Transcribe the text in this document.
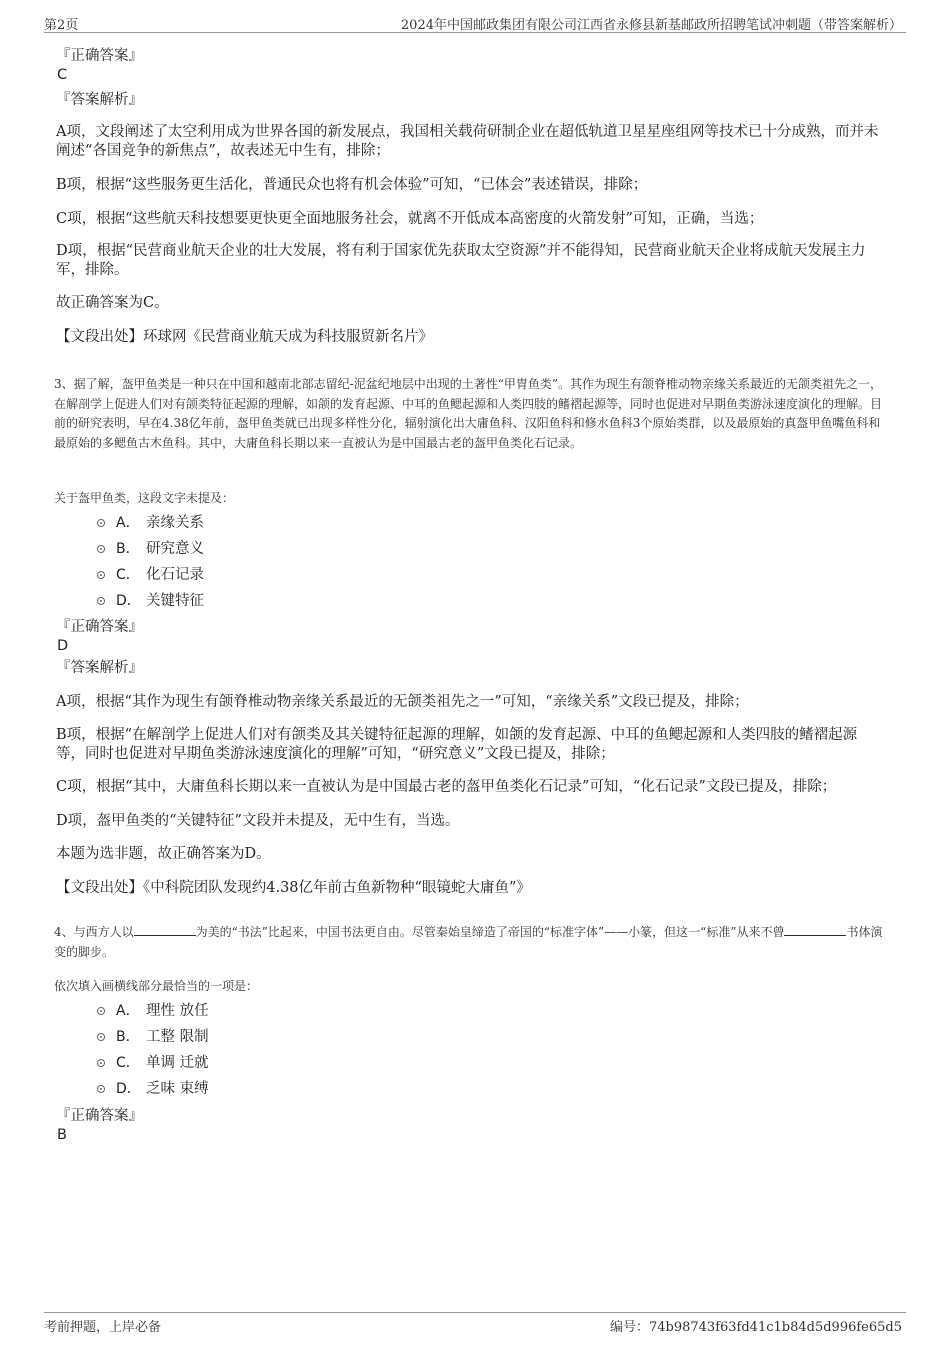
第2页	2024年中国邮政集团有限公司江西省永修县新基邮政所招聘笔试冲刺题（带答案解析）
『正确答案』
C
『答案解析』

A项，文段阐述了太空利用成为世界各国的新发展点，我国相关载荷研制企业在超低轨道卫星星座组网等技术已十分成熟，而并未阐述“各国竞争的新焦点”，故表述无中生有，排除；

B项，根据“这些服务更生活化，普通民众也将有机会体验”可知，“已体会”表述错误，排除；

C项，根据“这些航天科技想要更快更全面地服务社会，就离不开低成本高密度的火箭发射”可知，正确，当选；

D项，根据“民营商业航天企业的壮大发展，将有利于国家优先获取太空资源”并不能得知，民营商业航天企业将成航天发展主力军，排除。

故正确答案为C。

【文段出处】环球网《民营商业航天成为科技服贸新名片》

3、据了解，盔甲鱼类是一种只在中国和越南北部志留纪-泥盆纪地层中出现的土著性“甲胄鱼类”。其作为现生有颌脊椎动物亲缘关系最近的无颌类祖先之一，在解剖学上促进人们对有颌类特征起源的理解，如颌的发育起源、中耳的鱼鳃起源和人类四肢的鳍褶起源等，同时也促进对早期鱼类游泳速度演化的理解。目前的研究表明，早在4.38亿年前，盔甲鱼类就已出现多样性分化，辐射演化出大庸鱼科、汉阳鱼科和修水鱼科3个原始类群，以及最原始的真盔甲鱼嘴鱼科和最原始的多鳃鱼古木鱼科。其中，大庸鱼科长期以来一直被认为是中国最古老的盔甲鱼类化石记录。

关于盔甲鱼类，这段文字未提及：

A． 亲缘关系
B． 研究意义
C． 化石记录
D． 关键特征
『正确答案』
D
『答案解析』

A项，根据“其作为现生有颌脊椎动物亲缘关系最近的无颌类祖先之一”可知，“亲缘关系”文段已提及，排除；

B项，根据“在解剖学上促进人们对有颌类及其关键特征起源的理解，如颌的发育起源、中耳的鱼鳃起源和人类四肢的鳍褶起源等，同时也促进对早期鱼类游泳速度演化的理解”可知，“研究意义”文段已提及，排除；

C项，根据“其中，大庸鱼科长期以来一直被认为是中国最古老的盔甲鱼类化石记录”可知，“化石记录”文段已提及，排除；

D项，盔甲鱼类的“关键特征”文段并未提及，无中生有，当选。

本题为选非题，故正确答案为D。

【文段出处】《中科院团队发现约4.38亿年前古鱼新物种“眼镜蛇大庸鱼”》

4、与西方人以	为美的“书法”比起来，中国书法更自由。尽管秦始皇缔造了帝国的“标准字体”——小篆，但这一“标准”从来不曾	书体演变的脚步。

依次填入画横线部分最恰当的一项是：

A． 理性 放任
B． 工整 限制
C． 单调 迁就
D． 乏味 束缚
『正确答案』
B
考前押题，上岸必备	编号：74b98743f63fd41c1b84d5d996fe65d5
